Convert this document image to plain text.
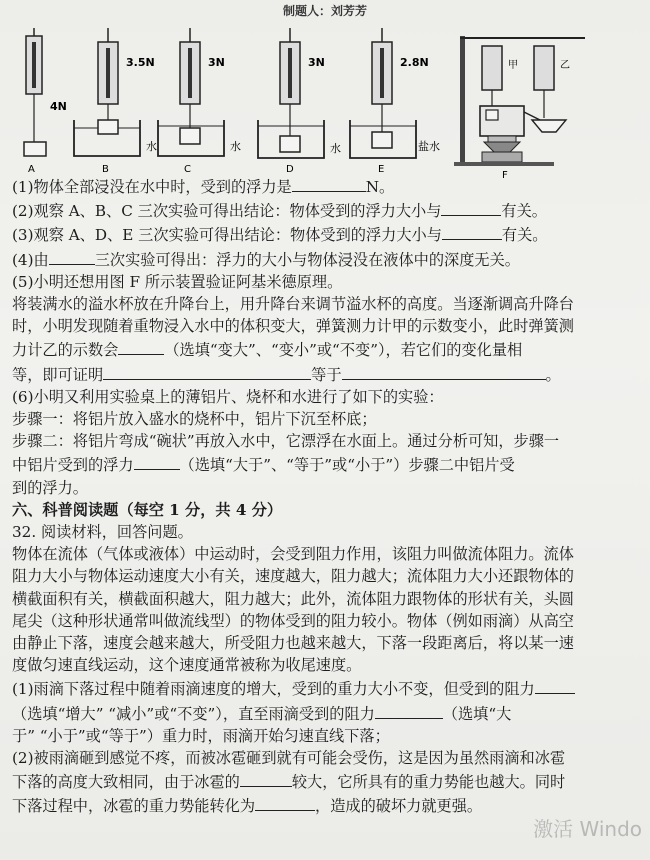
制题人：刘芳芳
4N
A
3.5N
水
B
3N
水
C
3N
水
D
2.8N
盐水
E
甲	乙
F

(1)物体全部浸没在水中时，受到的浮力是	N。

(2)观察 A、B、C 三次实验可得出结论：物体受到的浮力大小与	有关。

(3)观察 A、D、E 三次实验可得出结论：物体受到的浮力大小与	有关。

(4)由	三次实验可得出：浮力的大小与物体浸没在液体中的深度无关。

(5)小明还想用图 F 所示装置验证阿基米德原理。

将装满水的溢水杯放在升降台上，用升降台来调节溢水杯的高度。当逐渐调高升降台

时，小明发现随着重物浸入水中的体积变大，弹簧测力计甲的示数变小，此时弹簧测

力计乙的示数会	（选填“变大”、“变小”或“不变”），若它们的变化量相

等，即可证明	等于	。

(6)小明又利用实验桌上的薄铝片、烧杯和水进行了如下的实验：

步骤一：将铝片放入盛水的烧杯中，铝片下沉至杯底；

步骤二：将铝片弯成“碗状”再放入水中，它漂浮在水面上。通过分析可知，步骤一

中铝片受到的浮力	（选填“大于”、“等于”或“小于”）步骤二中铝片受

到的浮力。

六、科普阅读题（每空 1 分，共 4 分）

32. 阅读材料，回答问题。

物体在流体（气体或液体）中运动时，会受到阻力作用，该阻力叫做流体阻力。流体

阻力大小与物体运动速度大小有关，速度越大，阻力越大；流体阻力大小还跟物体的

横截面积有关，横截面积越大，阻力越大；此外，流体阻力跟物体的形状有关，头圆

尾尖（这种形状通常叫做流线型）的物体受到的阻力较小。物体（例如雨滴）从高空

由静止下落，速度会越来越大，所受阻力也越来越大，下落一段距离后，将以某一速

度做匀速直线运动，这个速度通常被称为收尾速度。

(1)雨滴下落过程中随着雨滴速度的增大，受到的重力大小不变，但受到的阻力

（选填“增大” “减小”或“不变”），直至雨滴受到的阻力	（选填“大

于” “小于”或“等于”）重力时，雨滴开始匀速直线下落；

(2)被雨滴砸到感觉不疼，而被冰雹砸到就有可能会受伤，这是因为虽然雨滴和冰雹

下落的高度大致相同，由于冰雹的	较大，它所具有的重力势能也越大。同时

下落过程中，冰雹的重力势能转化为	，造成的破坏力就更强。

激活 Windo
